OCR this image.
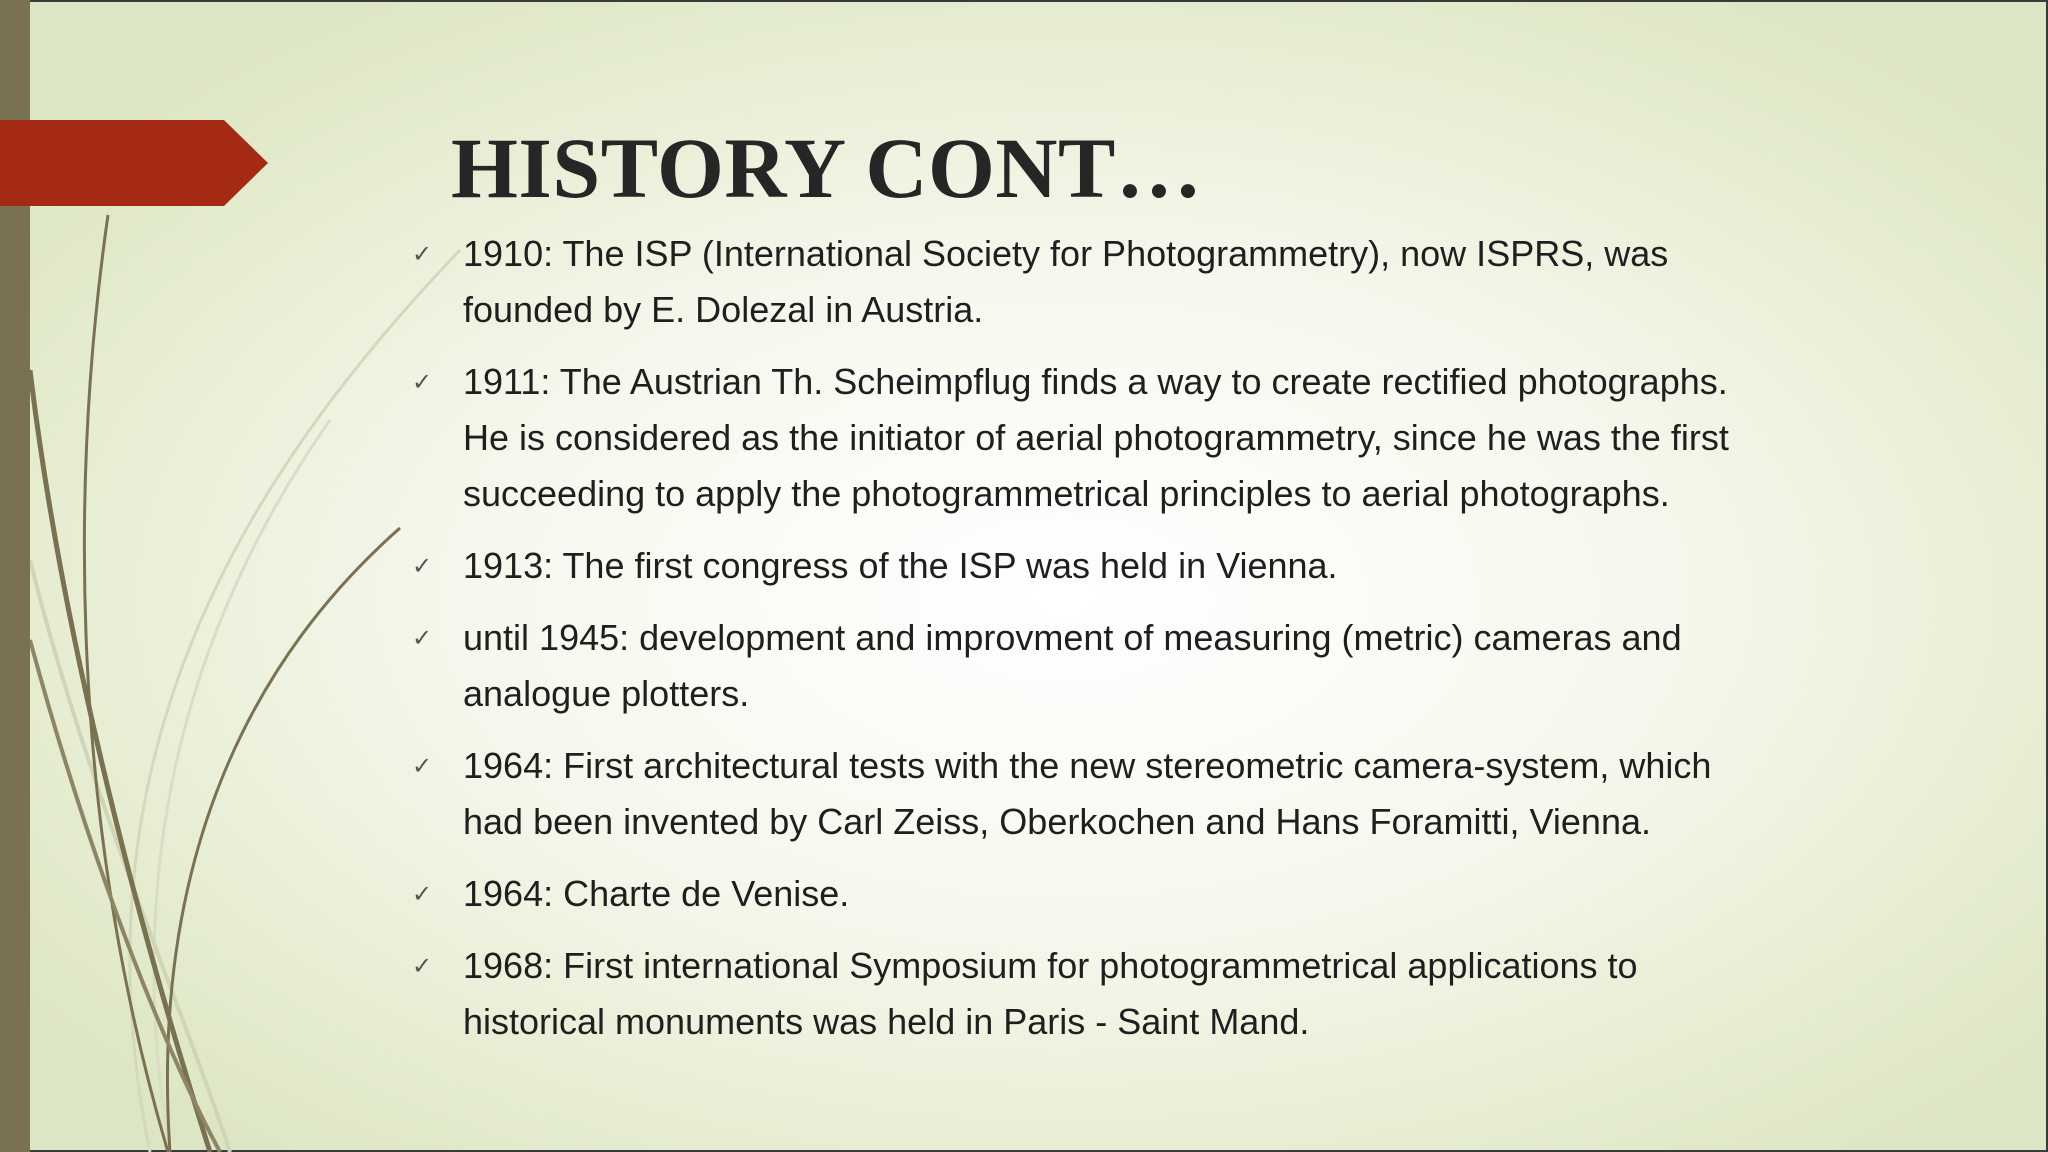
HISTORY CONT…
✓ 1910: The ISP (International Society for Photogrammetry), now ISPRS, was founded by E. Dolezal in Austria.
✓ 1911: The Austrian Th. Scheimpflug finds a way to create rectified photographs. He is considered as the initiator of aerial photogrammetry, since he was the first succeeding to apply the photogrammetrical principles to aerial photographs.
✓ 1913: The first congress of the ISP was held in Vienna.
✓ until 1945: development and improvment of measuring (metric) cameras and analogue plotters.
✓ 1964: First architectural tests with the new stereometric camera-system, which had been invented by Carl Zeiss, Oberkochen and Hans Foramitti, Vienna.
✓ 1964: Charte de Venise.
✓ 1968: First international Symposium for photogrammetrical applications to historical monuments was held in Paris - Saint Mand.
